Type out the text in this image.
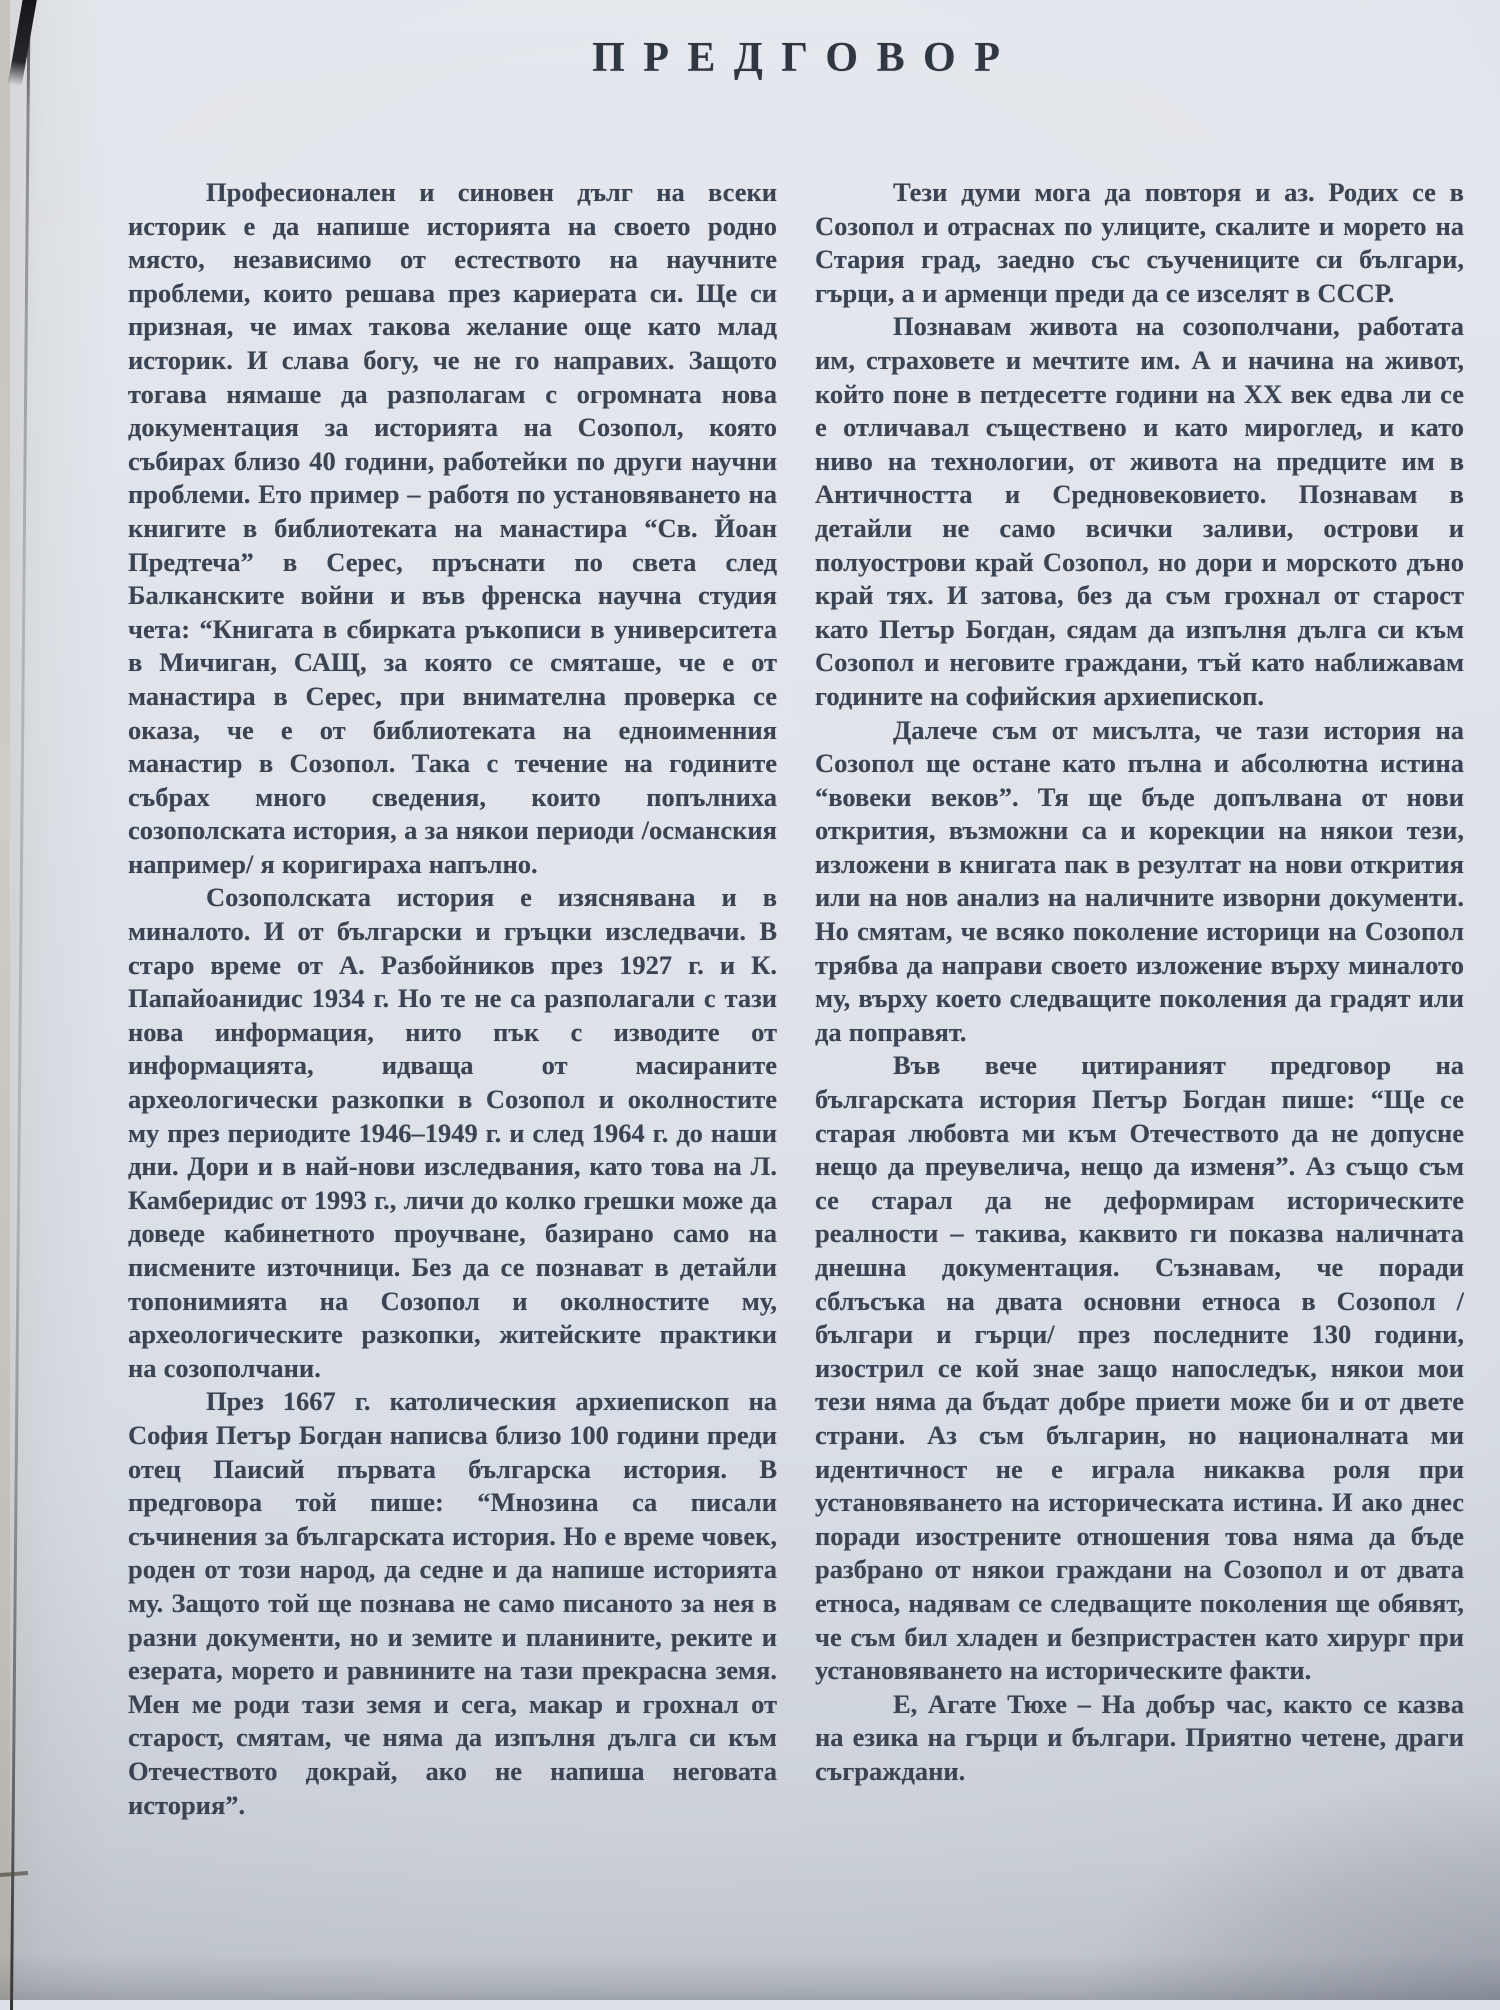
ПРЕДГОВОР

Професионален и синовен дълг на всеки историк е да напише историята на своето родно място, независимо от естеството на научните проблеми, които решава през кариерата си. Ще си призная, че имах такова желание още като млад историк. И слава богу, че не го направих. Защото тогава нямаше да разполагам с огромната нова документация за историята на Созопол, която събирах близо 40 години, работейки по други научни проблеми. Ето пример – работя по установяването на книгите в библиотеката на манастира “Св. Йоан Предтеча” в Серес, пръснати по света след Балканските войни и във френска научна студия чета: “Книгата в сбирката ръкописи в университета в Мичиган, САЩ, за която се смяташе, че е от манастира в Серес, при внимателна проверка се оказа, че е от библиотеката на едноименния манастир в Созопол. Така с течение на годините събрах много сведения, които попълниха созополската история, а за някои периоди /османския например/ я коригираха напълно.

Созополската история е изяснявана и в миналото. И от български и гръцки изследвачи. В старо време от А. Разбойников през 1927 г. и К. Папайоанидис 1934 г. Но те не са разполагали с тази нова информация, нито пък с изводите от информацията, идваща от масираните археологически разкопки в Созопол и околностите му през периодите 1946–1949 г. и след 1964 г. до наши дни. Дори и в най-нови изследвания, като това на Л. Камберидис от 1993 г., личи до колко грешки може да доведе кабинетното проучване, базирано само на писмените източници. Без да се познават в детайли топонимията на Созопол и околностите му, археологическите разкопки, житейските практики на созополчани.

През 1667 г. католическия архиепископ на София Петър Богдан написва близо 100 години преди отец Паисий първата българска история. В предговора той пише: “Мнозина са писали съчинения за българската история. Но е време човек, роден от този народ, да седне и да напише историята му. Защото той ще познава не само писаното за нея в разни документи, но и земите и планините, реките и езерата, морето и равнините на тази прекрасна земя. Мен ме роди тази земя и сега, макар и грохнал от старост, смятам, че няма да изпълня дълга си към Отечеството докрай, ако не напиша неговата история”.

Тези думи мога да повторя и аз. Родих се в Созопол и отраснах по улиците, скалите и морето на Стария град, заедно със съучениците си българи, гърци, а и арменци преди да се изселят в СССР.

Познавам живота на созополчани, работата им, страховете и мечтите им. А и начина на живот, който поне в петдесетте години на ХХ век едва ли се е отличавал съществено и като мироглед, и като ниво на технологии, от живота на предците им в Античността и Средновековието. Познавам в детайли не само всички заливи, острови и полуострови край Созопол, но дори и морското дъно край тях. И затова, без да съм грохнал от старост като Петър Богдан, сядам да изпълня дълга си към Созопол и неговите граждани, тъй като наближавам годините на софийския архиепископ.

Далече съм от мисълта, че тази история на Созопол ще остане като пълна и абсолютна истина “вовеки веков”. Тя ще бъде допълвана от нови открития, възможни са и корекции на някои тези, изложени в книгата пак в резултат на нови открития или на нов анализ на наличните изворни документи. Но смятам, че всяко поколение историци на Созопол трябва да направи своето изложение върху миналото му, върху което следващите поколения да градят или да поправят.

Във вече цитираният предговор на българската история Петър Богдан пише: “Ще се старая любовта ми към Отечеството да не допусне нещо да преувелича, нещо да изменя”. Аз също съм се старал да не деформирам историческите реалности – такива, каквито ги показва наличната днешна документация. Съзнавам, че поради сблъсъка на двата основни етноса в Созопол /българи и гърци/ през последните 130 години, изострил се кой знае защо напоследък, някои мои тези няма да бъдат добре приети може би и от двете страни. Аз съм българин, но националната ми идентичност не е играла никаква роля при установяването на историческата истина. И ако днес поради изострените отношения това няма да бъде разбрано от някои граждани на Созопол и от двата етноса, надявам се следващите поколения ще обявят, че съм бил хладен и безпристрастен като хирург при установяването на историческите факти.

Е, Агате Тюхе – На добър час, както се казва на езика на гърци и българи. Приятно четене, драги съграждани.
